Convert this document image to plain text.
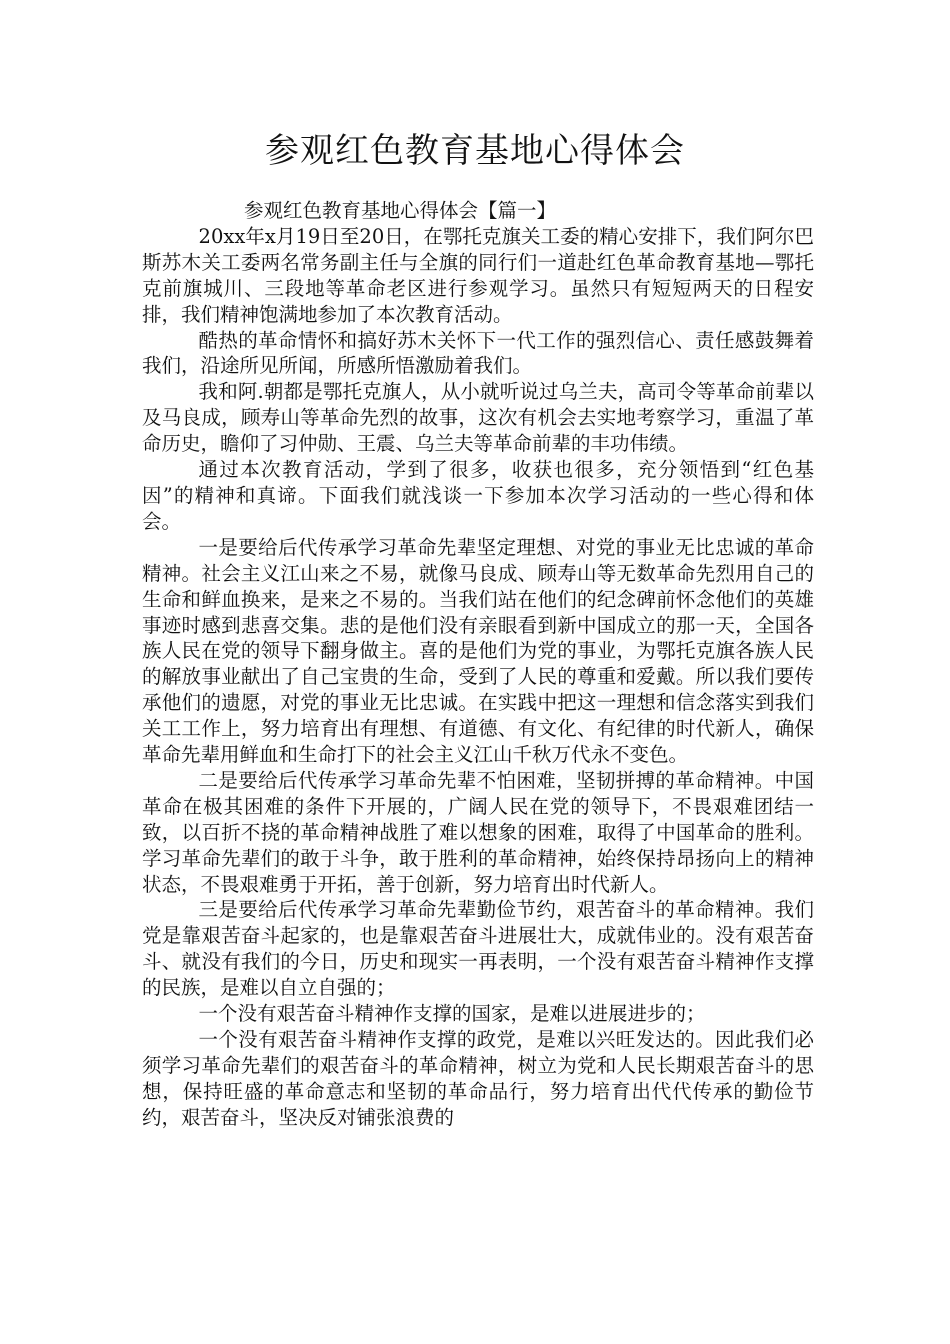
参观红色教育基地心得体会

参观红色教育基地心得体会【篇一】

20xx年x月19日至20日，在鄂托克旗关工委的精心安排下，我们阿尔巴斯苏木关工委两名常务副主任与全旗的同行们一道赴红色革命教育基地—鄂托克前旗城川、三段地等革命老区进行参观学习。虽然只有短短两天的日程安排，我们精神饱满地参加了本次教育活动。

酷热的革命情怀和搞好苏木关怀下一代工作的强烈信心、责任感鼓舞着我们，沿途所见所闻，所感所悟激励着我们。

我和阿.朝都是鄂托克旗人，从小就听说过乌兰夫，高司令等革命前辈以及马良成，顾寿山等革命先烈的故事，这次有机会去实地考察学习，重温了革命历史，瞻仰了习仲勋、王震、乌兰夫等革命前辈的丰功伟绩。

通过本次教育活动，学到了很多，收获也很多，充分领悟到“红色基因”的精神和真谛。下面我们就浅谈一下参加本次学习活动的一些心得和体会。

一是要给后代传承学习革命先辈坚定理想、对党的事业无比忠诚的革命精神。社会主义江山来之不易，就像马良成、顾寿山等无数革命先烈用自己的生命和鲜血换来，是来之不易的。当我们站在他们的纪念碑前怀念他们的英雄事迹时感到悲喜交集。悲的是他们没有亲眼看到新中国成立的那一天，全国各族人民在党的领导下翻身做主。喜的是他们为党的事业，为鄂托克旗各族人民的解放事业献出了自己宝贵的生命，受到了人民的尊重和爱戴。所以我们要传承他们的遗愿，对党的事业无比忠诚。在实践中把这一理想和信念落实到我们关工工作上，努力培育出有理想、有道德、有文化、有纪律的时代新人，确保革命先辈用鲜血和生命打下的社会主义江山千秋万代永不变色。

二是要给后代传承学习革命先辈不怕困难，坚韧拼搏的革命精神。中国革命在极其困难的条件下开展的，广阔人民在党的领导下，不畏艰难团结一致，以百折不挠的革命精神战胜了难以想象的困难，取得了中国革命的胜利。学习革命先辈们的敢于斗争，敢于胜利的革命精神，始终保持昂扬向上的精神状态，不畏艰难勇于开拓，善于创新，努力培育出时代新人。

三是要给后代传承学习革命先辈勤俭节约，艰苦奋斗的革命精神。我们党是靠艰苦奋斗起家的，也是靠艰苦奋斗进展壮大，成就伟业的。没有艰苦奋斗、就没有我们的今日，历史和现实一再表明，一个没有艰苦奋斗精神作支撑的民族，是难以自立自强的；

一个没有艰苦奋斗精神作支撑的国家，是难以进展进步的；

一个没有艰苦奋斗精神作支撑的政党，是难以兴旺发达的。因此我们必须学习革命先辈们的艰苦奋斗的革命精神，树立为党和人民长期艰苦奋斗的思想，保持旺盛的革命意志和坚韧的革命品行，努力培育出代代传承的勤俭节约，艰苦奋斗，坚决反对铺张浪费的
